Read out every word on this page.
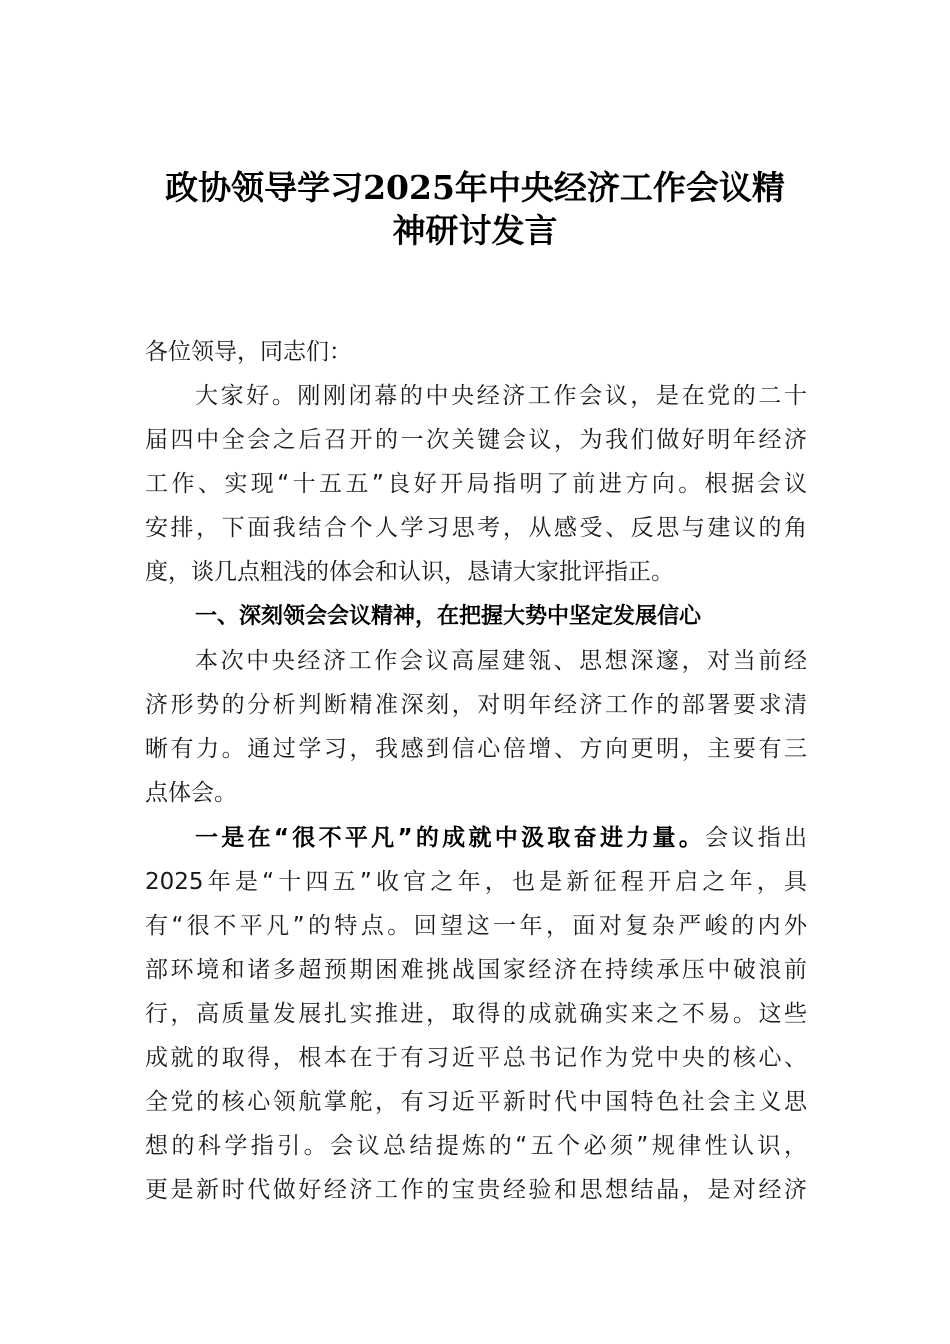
政协领导学习2025年中央经济工作会议精
神研讨发言
各位领导，同志们：
大家好。刚刚闭幕的中央经济工作会议，是在党的二十
届四中全会之后召开的一次关键会议，为我们做好明年经济
工作、实现“十五五”良好开局指明了前进方向。根据会议
安排，下面我结合个人学习思考，从感受、反思与建议的角
度，谈几点粗浅的体会和认识，恳请大家批评指正。
一、深刻领会会议精神，在把握大势中坚定发展信心
本次中央经济工作会议高屋建瓴、思想深邃，对当前经
济形势的分析判断精准深刻，对明年经济工作的部署要求清
晰有力。通过学习，我感到信心倍增、方向更明，主要有三
点体会。
一是在“很不平凡”的成就中汲取奋进力量。会议指出
2025年是“十四五”收官之年，也是新征程开启之年，具
有“很不平凡”的特点。回望这一年，面对复杂严峻的内外
部环境和诸多超预期困难挑战国家经济在持续承压中破浪前
行，高质量发展扎实推进，取得的成就确实来之不易。这些
成就的取得，根本在于有习近平总书记作为党中央的核心、
全党的核心领航掌舵，有习近平新时代中国特色社会主义思
想的科学指引。会议总结提炼的“五个必须”规律性认识，
更是新时代做好经济工作的宝贵经验和思想结晶，是对经济
